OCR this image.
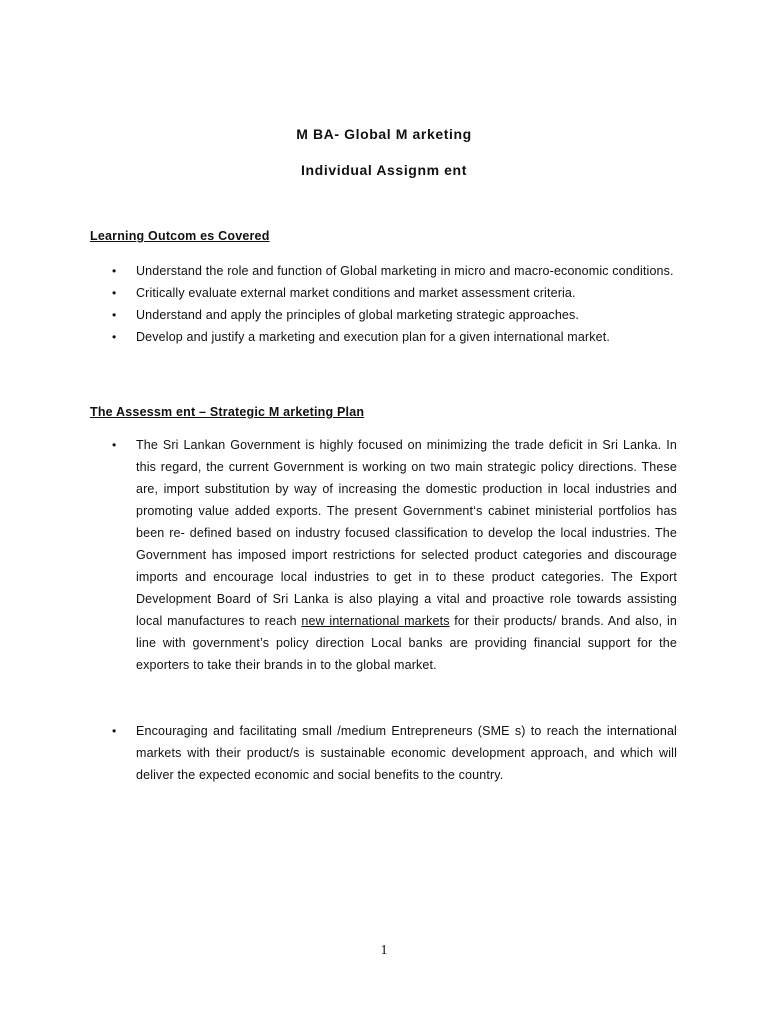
M BA- Global M arketing
Individual Assignm ent
Learning Outcom es Covered
• Understand the role and function of Global marketing in micro and macro-economic conditions.
• Critically evaluate external market conditions and market assessment criteria.
• Understand and apply the principles of global marketing strategic approaches.
• Develop and justify a marketing and execution plan for a given international market.
The Assessm ent – Strategic M arketing Plan
• The Sri Lankan Government is highly focused on minimizing the trade deficit in Sri Lanka. In this regard, the current Government is working on two main strategic policy directions. These are, import substitution by way of increasing the domestic production in local industries and promoting value added exports. The present Government‘s cabinet ministerial portfolios has been re- defined based on industry focused classification to develop the local industries. The Government has imposed import restrictions for selected product categories and discourage imports and encourage local industries to get in to these product categories. The Export Development Board of Sri Lanka is also playing a vital and proactive role towards assisting local manufactures to reach new international markets for their products/ brands. And also, in line with government’s policy direction Local banks are providing financial support for the exporters to take their brands in to the global market.
• Encouraging and facilitating small /medium Entrepreneurs (SME s) to reach the international markets with their product/s is sustainable economic development approach, and which will deliver the expected economic and social benefits to the country.
1
